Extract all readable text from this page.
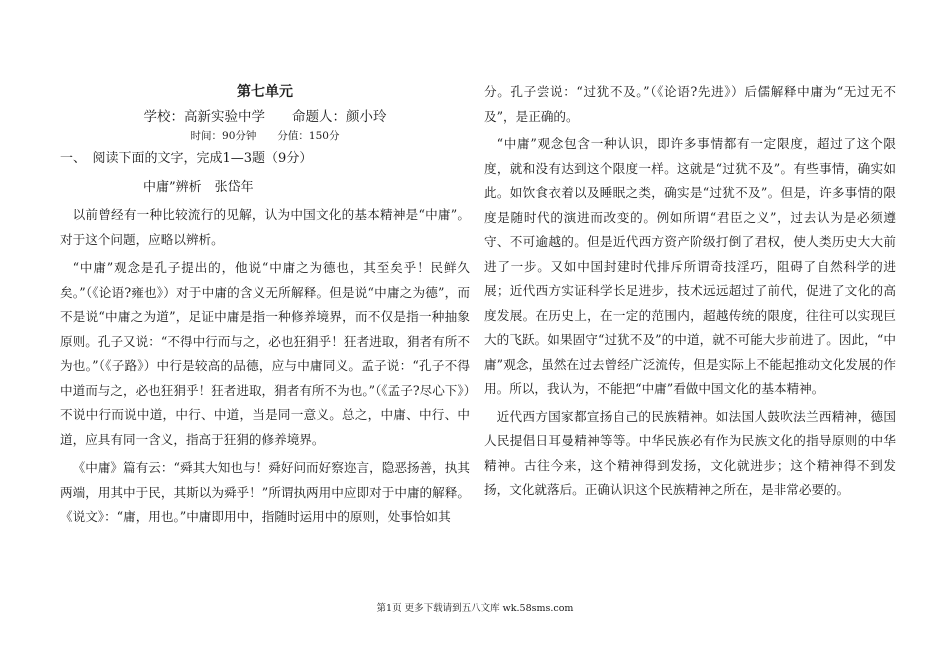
第七单元
学校：高新实验中学　　命题人：颜小玲
时间：90分钟　　分值：150分
一、　阅读下面的文字，完成1—3题（9分）
中庸”辨析　张岱年
以前曾经有一种比较流行的见解，认为中国文化的基本精神是“中庸”。对于这个问题，应略以辨析。
“中庸”观念是孔子提出的，他说“中庸之为德也，其至矣乎！民鲜久矣。”（《论语?雍也》）对于中庸的含义无所解释。但是说“中庸之为德”，而不是说“中庸之为道”，足证中庸是指一种修养境界，而不仅是指一种抽象原则。孔子又说：“不得中行而与之，必也狂狷乎！狂者进取，狷者有所不为也。”（《子路》）中行是较高的品德，应与中庸同义。孟子说：“孔子不得中道而与之，必也狂狷乎！狂者进取，狷者有所不为也。”（《孟子?尽心下》）不说中行而说中道，中行、中道，当是同一意义。总之，中庸、中行、中道，应具有同一含义，指高于狂狷的修养境界。
《中庸》篇有云：“舜其大知也与！舜好问而好察迩言，隐恶扬善，执其两端，用其中于民，其斯以为舜乎！”所谓执两用中应即对于中庸的解释。《说文》：“庸，用也。”中庸即用中，指随时运用中的原则，处事恰如其
分。孔子尝说：“过犹不及。”（《论语?先进》）后儒解释中庸为“无过无不及”，是正确的。
“中庸”观念包含一种认识，即许多事情都有一定限度，超过了这个限度，就和没有达到这个限度一样。这就是“过犹不及”。有些事情，确实如此。如饮食衣着以及睡眠之类，确实是“过犹不及”。但是，许多事情的限度是随时代的演进而改变的。例如所谓“君臣之义”，过去认为是必须遵守、不可逾越的。但是近代西方资产阶级打倒了君权，使人类历史大大前进了一步。又如中国封建时代排斥所谓奇技淫巧，阻碍了自然科学的进展；近代西方实证科学长足进步，技术远远超过了前代，促进了文化的高度发展。在历史上，在一定的范围内，超越传统的限度，往往可以实现巨大的飞跃。如果固守“过犹不及”的中道，就不可能大步前进了。因此，“中庸”观念，虽然在过去曾经广泛流传，但是实际上不能起推动文化发展的作用。所以，我认为，不能把“中庸”看做中国文化的基本精神。
近代西方国家都宣扬自己的民族精神。如法国人鼓吹法兰西精神，德国人民提倡日耳曼精神等等。中华民族必有作为民族文化的指导原则的中华精神。古往今来，这个精神得到发扬，文化就进步；这个精神得不到发扬，文化就落后。正确认识这个民族精神之所在，是非常必要的。
第1页 更多下载请到五八文库 wk.58sms.com
